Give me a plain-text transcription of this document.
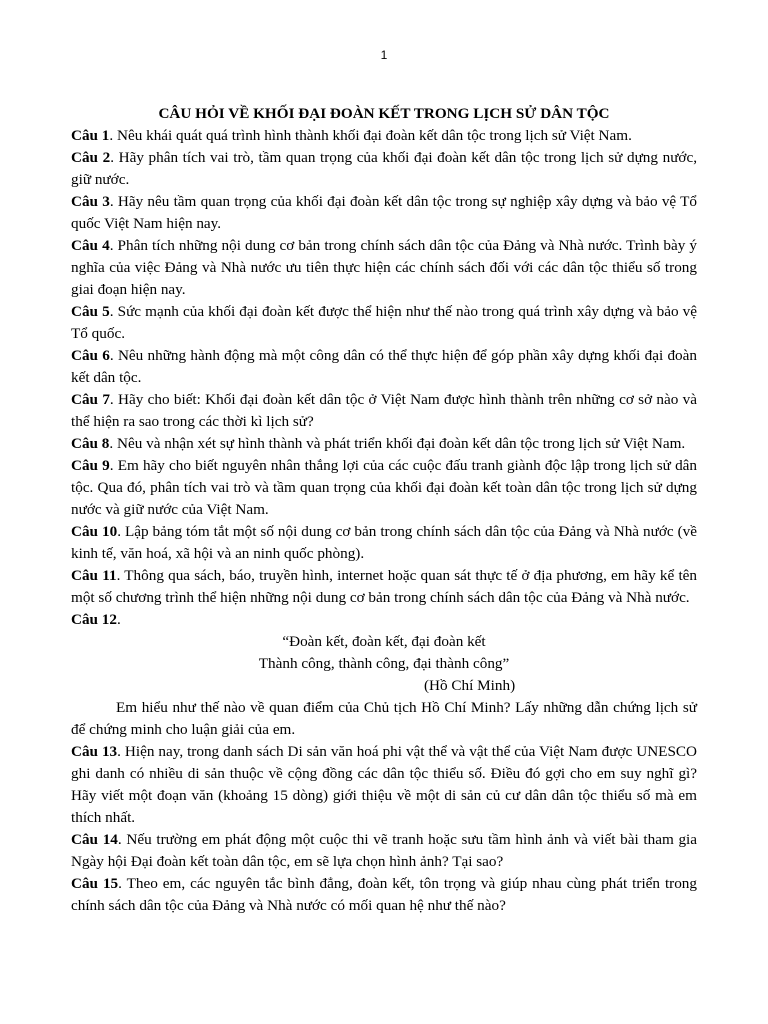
1

CÂU HỎI VỀ KHỐI ĐẠI ĐOÀN KẾT TRONG LỊCH SỬ DÂN TỘC

Câu 1. Nêu khái quát quá trình hình thành khối đại đoàn kết dân tộc trong lịch sử Việt Nam.

Câu 2. Hãy phân tích vai trò, tầm quan trọng của khối đại đoàn kết dân tộc trong lịch sử dựng nước, giữ nước.

Câu 3. Hãy nêu tầm quan trọng của khối đại đoàn kết dân tộc trong sự nghiệp xây dựng và bảo vệ Tổ quốc Việt Nam hiện nay.

Câu 4. Phân tích những nội dung cơ bản trong chính sách dân tộc của Đảng và Nhà nước. Trình bày ý nghĩa của việc Đảng và Nhà nước ưu tiên thực hiện các chính sách đối với các dân tộc thiểu số trong giai đoạn hiện nay.

Câu 5. Sức mạnh của khối đại đoàn kết được thể hiện như thế nào trong quá trình xây dựng và bảo vệ Tổ quốc.

Câu 6. Nêu những hành động mà một công dân có thể thực hiện để góp phần xây dựng khối đại đoàn kết dân tộc.

Câu 7. Hãy cho biết: Khối đại đoàn kết dân tộc ở Việt Nam được hình thành trên những cơ sở nào và thể hiện ra sao trong các thời kì lịch sử?

Câu 8. Nêu và nhận xét sự hình thành và phát triển khối đại đoàn kết dân tộc trong lịch sử Việt Nam.

Câu 9. Em hãy cho biết nguyên nhân thắng lợi của các cuộc đấu tranh giành độc lập trong lịch sử dân tộc. Qua đó, phân tích vai trò và tầm quan trọng của khối đại đoàn kết toàn dân tộc trong lịch sử dựng nước và giữ nước của Việt Nam.

Câu 10. Lập bảng tóm tắt một số nội dung cơ bản trong chính sách dân tộc của Đảng và Nhà nước (về kinh tế, văn hoá, xã hội và an ninh quốc phòng).

Câu 11. Thông qua sách, báo, truyền hình, internet hoặc quan sát thực tế ở địa phương, em hãy kể tên một số chương trình thể hiện những nội dung cơ bản trong chính sách dân tộc của Đảng và Nhà nước.

Câu 12.

“Đoàn kết, đoàn kết, đại đoàn kết

Thành công, thành công, đại thành công”

(Hồ Chí Minh)

Em hiểu như thế nào về quan điểm của Chủ tịch Hồ Chí Minh? Lấy những dẫn chứng lịch sử để chứng minh cho luận giải của em.

Câu 13. Hiện nay, trong danh sách Di sản văn hoá phi vật thể và vật thể của Việt Nam được UNESCO ghi danh có nhiều di sản thuộc về cộng đồng các dân tộc thiểu số. Điều đó gợi cho em suy nghĩ gì? Hãy viết một đoạn văn (khoảng 15 dòng) giới thiệu về một di sản củ cư dân dân tộc thiểu số mà em thích nhất.

Câu 14. Nếu trường em phát động một cuộc thi vẽ tranh hoặc sưu tầm hình ảnh và viết bài tham gia Ngày hội Đại đoàn kết toàn dân tộc, em sẽ lựa chọn hình ảnh? Tại sao?

Câu 15. Theo em, các nguyên tắc bình đẳng, đoàn kết, tôn trọng và giúp nhau cùng phát triển trong chính sách dân tộc của Đảng và Nhà nước có mối quan hệ như thế nào?
